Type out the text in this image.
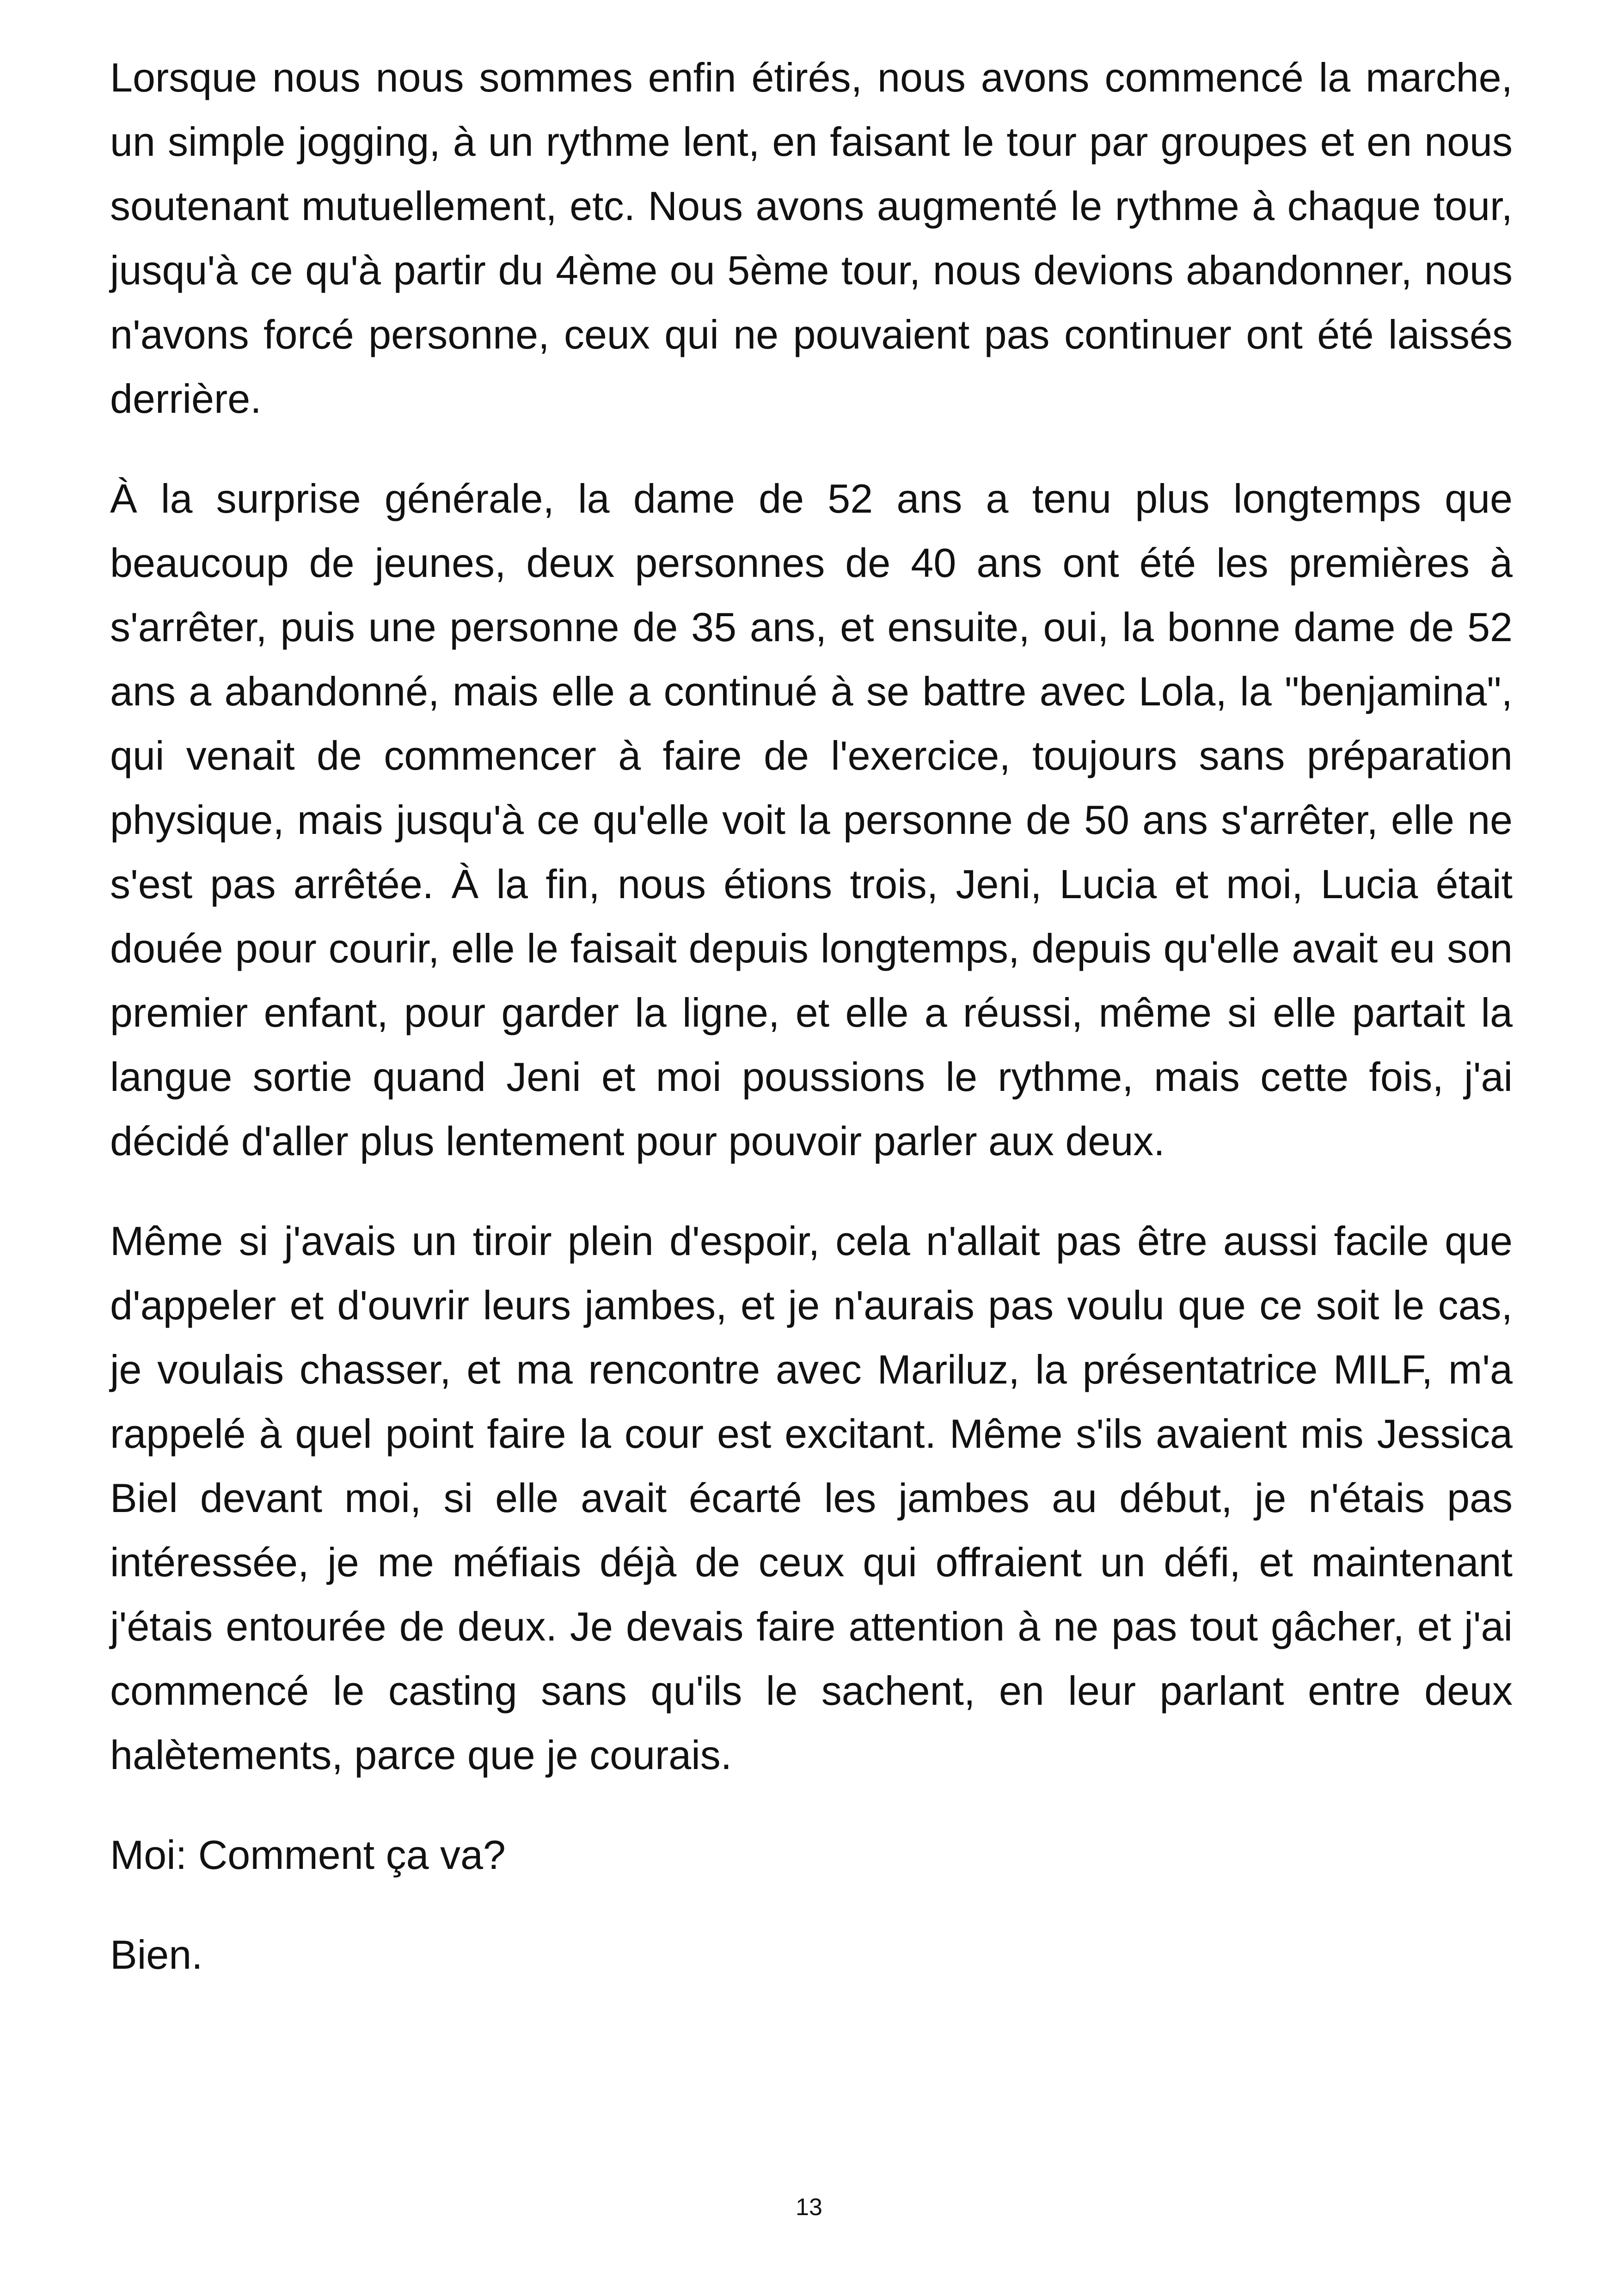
Lorsque nous nous sommes enfin étirés, nous avons commencé la marche, un simple jogging, à un rythme lent, en faisant le tour par groupes et en nous soutenant mutuellement, etc. Nous avons augmenté le rythme à chaque tour, jusqu'à ce qu'à partir du 4ème ou 5ème tour, nous devions abandonner, nous n'avons forcé personne, ceux qui ne pouvaient pas continuer ont été laissés derrière.

À la surprise générale, la dame de 52 ans a tenu plus longtemps que beaucoup de jeunes, deux personnes de 40 ans ont été les premières à s'arrêter, puis une personne de 35 ans, et ensuite, oui, la bonne dame de 52 ans a abandonné, mais elle a continué à se battre avec Lola, la "benjamina", qui venait de commencer à faire de l'exercice, toujours sans préparation physique, mais jusqu'à ce qu'elle voit la personne de 50 ans s'arrêter, elle ne s'est pas arrêtée. À la fin, nous étions trois, Jeni, Lucia et moi, Lucia était douée pour courir, elle le faisait depuis longtemps, depuis qu'elle avait eu son premier enfant, pour garder la ligne, et elle a réussi, même si elle partait la langue sortie quand Jeni et moi poussions le rythme, mais cette fois, j'ai décidé d'aller plus lentement pour pouvoir parler aux deux.

Même si j'avais un tiroir plein d'espoir, cela n'allait pas être aussi facile que d'appeler et d'ouvrir leurs jambes, et je n'aurais pas voulu que ce soit le cas, je voulais chasser, et ma rencontre avec Mariluz, la présentatrice MILF, m'a rappelé à quel point faire la cour est excitant. Même s'ils avaient mis Jessica Biel devant moi, si elle avait écarté les jambes au début, je n'étais pas intéressée, je me méfiais déjà de ceux qui offraient un défi, et maintenant j'étais entourée de deux. Je devais faire attention à ne pas tout gâcher, et j'ai commencé le casting sans qu'ils le sachent, en leur parlant entre deux halètements, parce que je courais.

Moi: Comment ça va?

Bien.

13
